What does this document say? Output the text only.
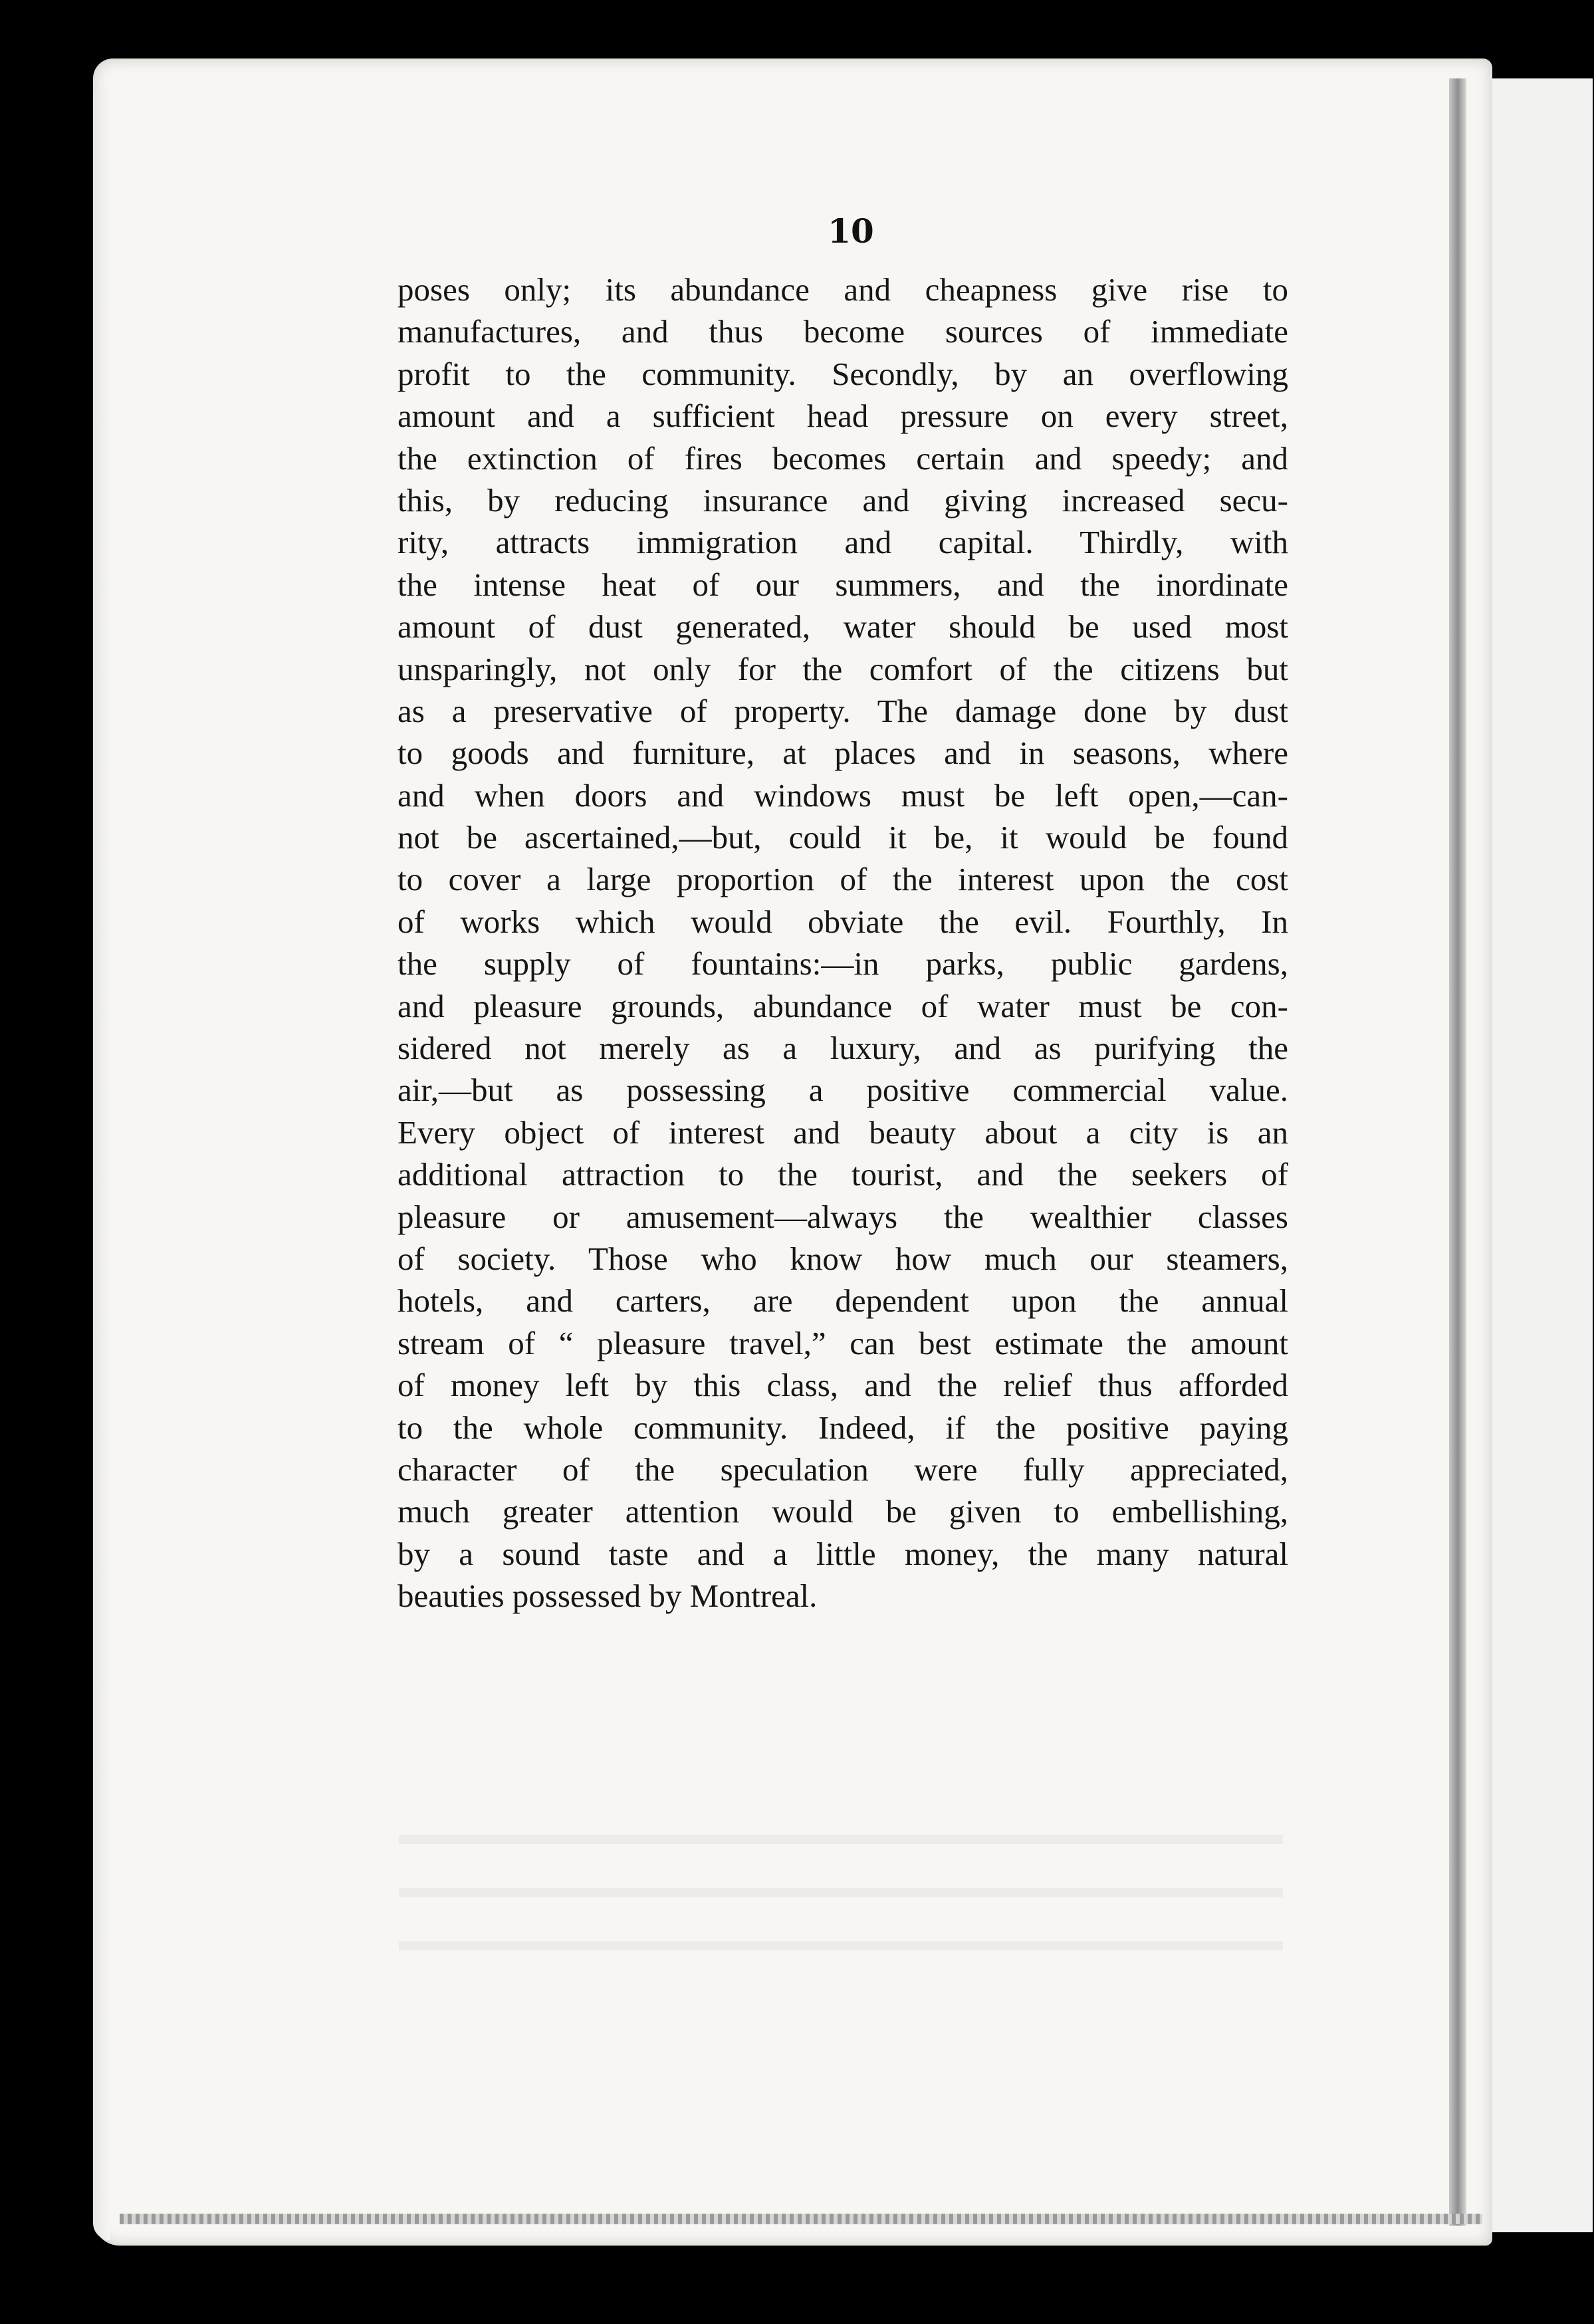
10
poses only; its abundance and cheapness give rise to
manufactures, and thus become sources of immediate
profit to the community. Secondly, by an overflowing
amount and a sufficient head pressure on every street,
the extinction of fires becomes certain and speedy; and
this, by reducing insurance and giving increased secu-
rity, attracts immigration and capital. Thirdly, with
the intense heat of our summers, and the inordinate
amount of dust generated, water should be used most
unsparingly, not only for the comfort of the citizens but
as a preservative of property. The damage done by dust
to goods and furniture, at places and in seasons, where
and when doors and windows must be left open,—can-
not be ascertained,—but, could it be, it would be found
to cover a large proportion of the interest upon the cost
of works which would obviate the evil. Fourthly, In
the supply of fountains:—in parks, public gardens,
and pleasure grounds, abundance of water must be con-
sidered not merely as a luxury, and as purifying the
air,—but as possessing a positive commercial value.
Every object of interest and beauty about a city is an
additional attraction to the tourist, and the seekers of
pleasure or amusement—always the wealthier classes
of society. Those who know how much our steamers,
hotels, and carters, are dependent upon the annual
stream of “ pleasure travel,” can best estimate the amount
of money left by this class, and the relief thus afforded
to the whole community. Indeed, if the positive paying
character of the speculation were fully appreciated,
much greater attention would be given to embellishing,
by a sound taste and a little money, the many natural
beauties possessed by Montreal.
